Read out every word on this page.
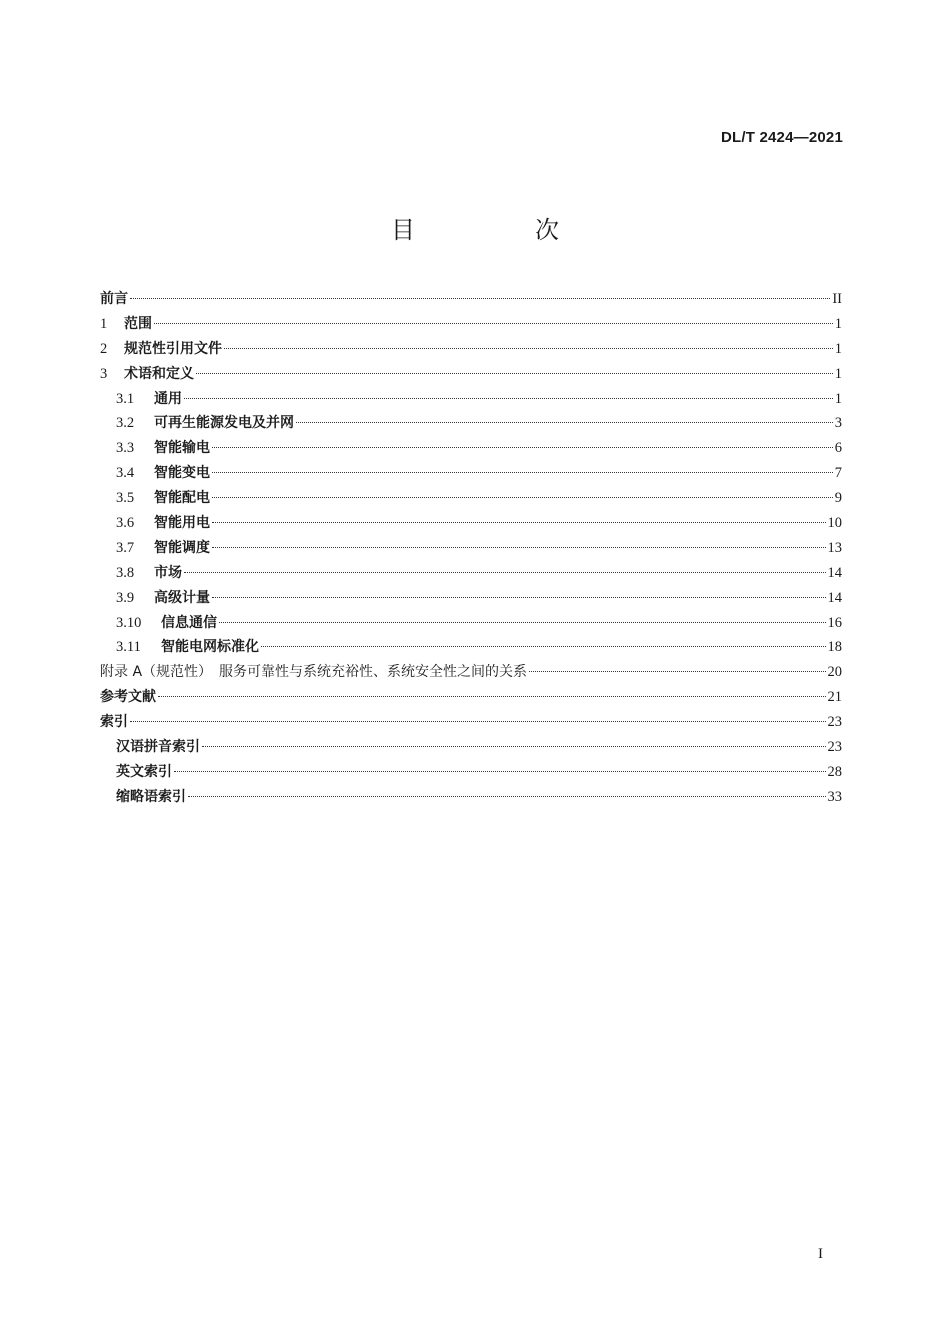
DL/T 2424—2021
目　次
前言	II
1	范围	1
2	规范性引用文件	1
3	术语和定义	1
3.1	通用	1
3.2	可再生能源发电及并网	3
3.3	智能输电	6
3.4	智能变电	7
3.5	智能配电	9
3.6	智能用电	10
3.7	智能调度	13
3.8	市场	14
3.9	高级计量	14
3.10	信息通信	16
3.11	智能电网标准化	18
附录 A（规范性）　服务可靠性与系统充裕性、系统安全性之间的关系	20
参考文献	21
索引	23
汉语拼音索引	23
英文索引	28
缩略语索引	33
I
